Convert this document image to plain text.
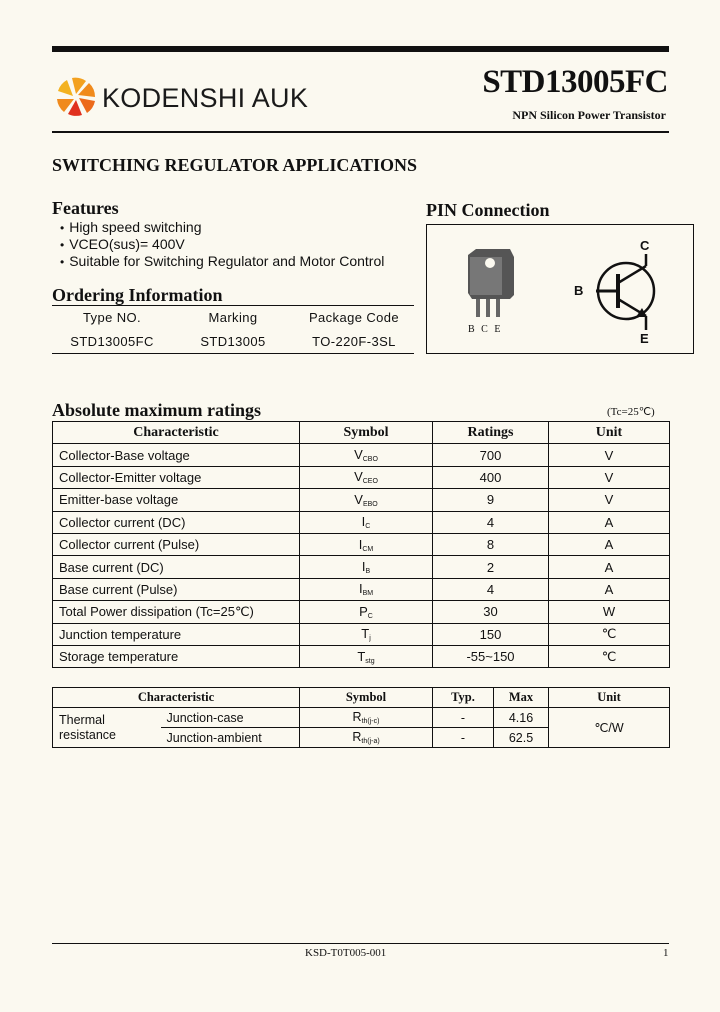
KODENSHI AUK	STD13005FC
NPN Silicon Power Transistor
SWITCHING REGULATOR APPLICATIONS
Features
• High speed switching
• VCEO(sus)= 400V
• Suitable for Switching Regulator and Motor Control
Ordering Information
Type NO.	Marking	Package Code
STD13005FC	STD13005	TO-220F-3SL
PIN Connection
B C E
C
B
E
Absolute maximum ratings	(Tc=25℃)
Characteristic	Symbol	Ratings	Unit
Collector-Base voltage	$V_{CBO}$	700	V
Collector-Emitter voltage	$V_{CEO}$	400	V
Emitter-base voltage	$V_{EBO}$	9	V
Collector current (DC)	$I_C$	4	A
Collector current (Pulse)	$I_{CM}$	8	A
Base current (DC)	$I_B$	2	A
Base current (Pulse)	$I_{BM}$	4	A
Total Power dissipation (Tc=25℃)	$P_C$	30	W
Junction temperature	$T_j$	150	℃
Storage temperature	$T_{stg}$	-55~150	℃
Characteristic		Symbol	Typ.	Max	Unit
Thermal
resistance	Junction-case	$R_{th(j-c)}$	-	4.16	℃/W
	Junction-ambient	$R_{th(j-a)}$	-	62.5	
KSD-T0T005-001	1
